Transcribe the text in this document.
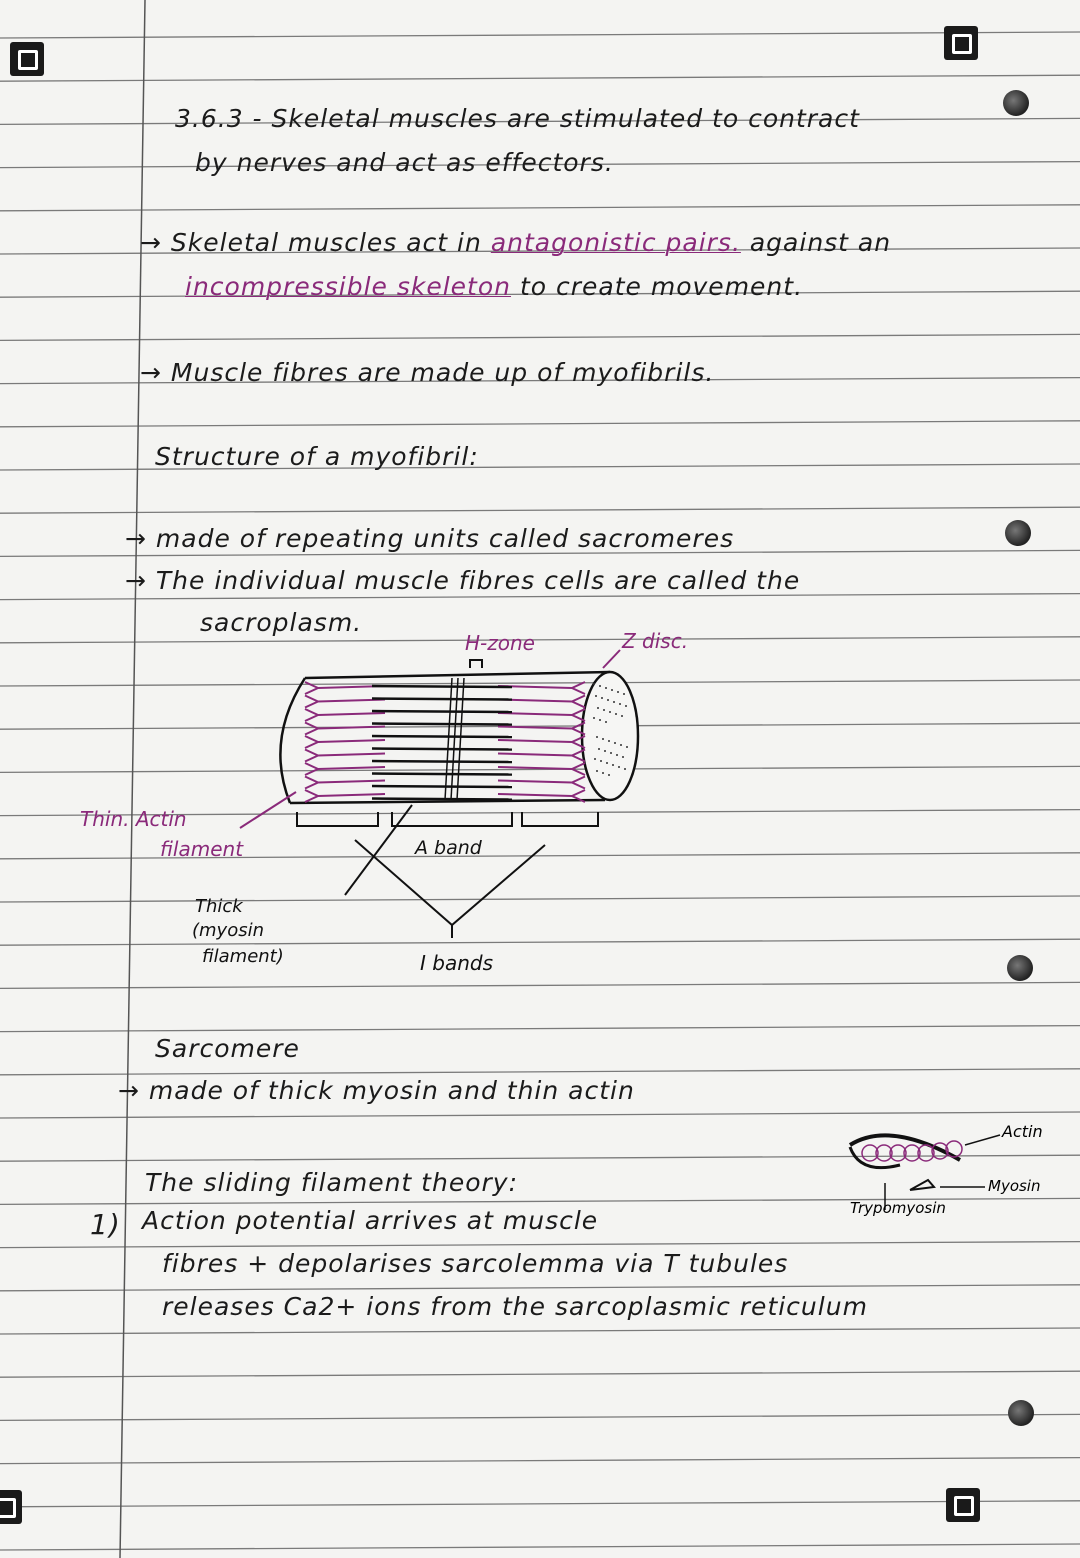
3.6.3 - Skeletal muscles are stimulated to contract
by nerves and act as effectors.
→ Skeletal muscles act in antagonistic pairs. against an
incompressible skeleton to create movement.
→ Muscle fibres are made up of myofibrils.
Structure of a myofibril:
→ made of repeating units called sacromeres
→ The individual muscle fibres cells are called the
sacroplasm.
H-zone	Z disc.
Thin. Actin
filament	A band
Thick
(myosin
filament)	I bands
Sarcomere
→ made of thick myosin and thin actin
Actin
Myosin
Trypomyosin
The sliding filament theory:
1) Action potential arrives at muscle
fibres + depolarises sarcolemma via T tubules
releases Ca2+ ions from the sarcoplasmic reticulum
